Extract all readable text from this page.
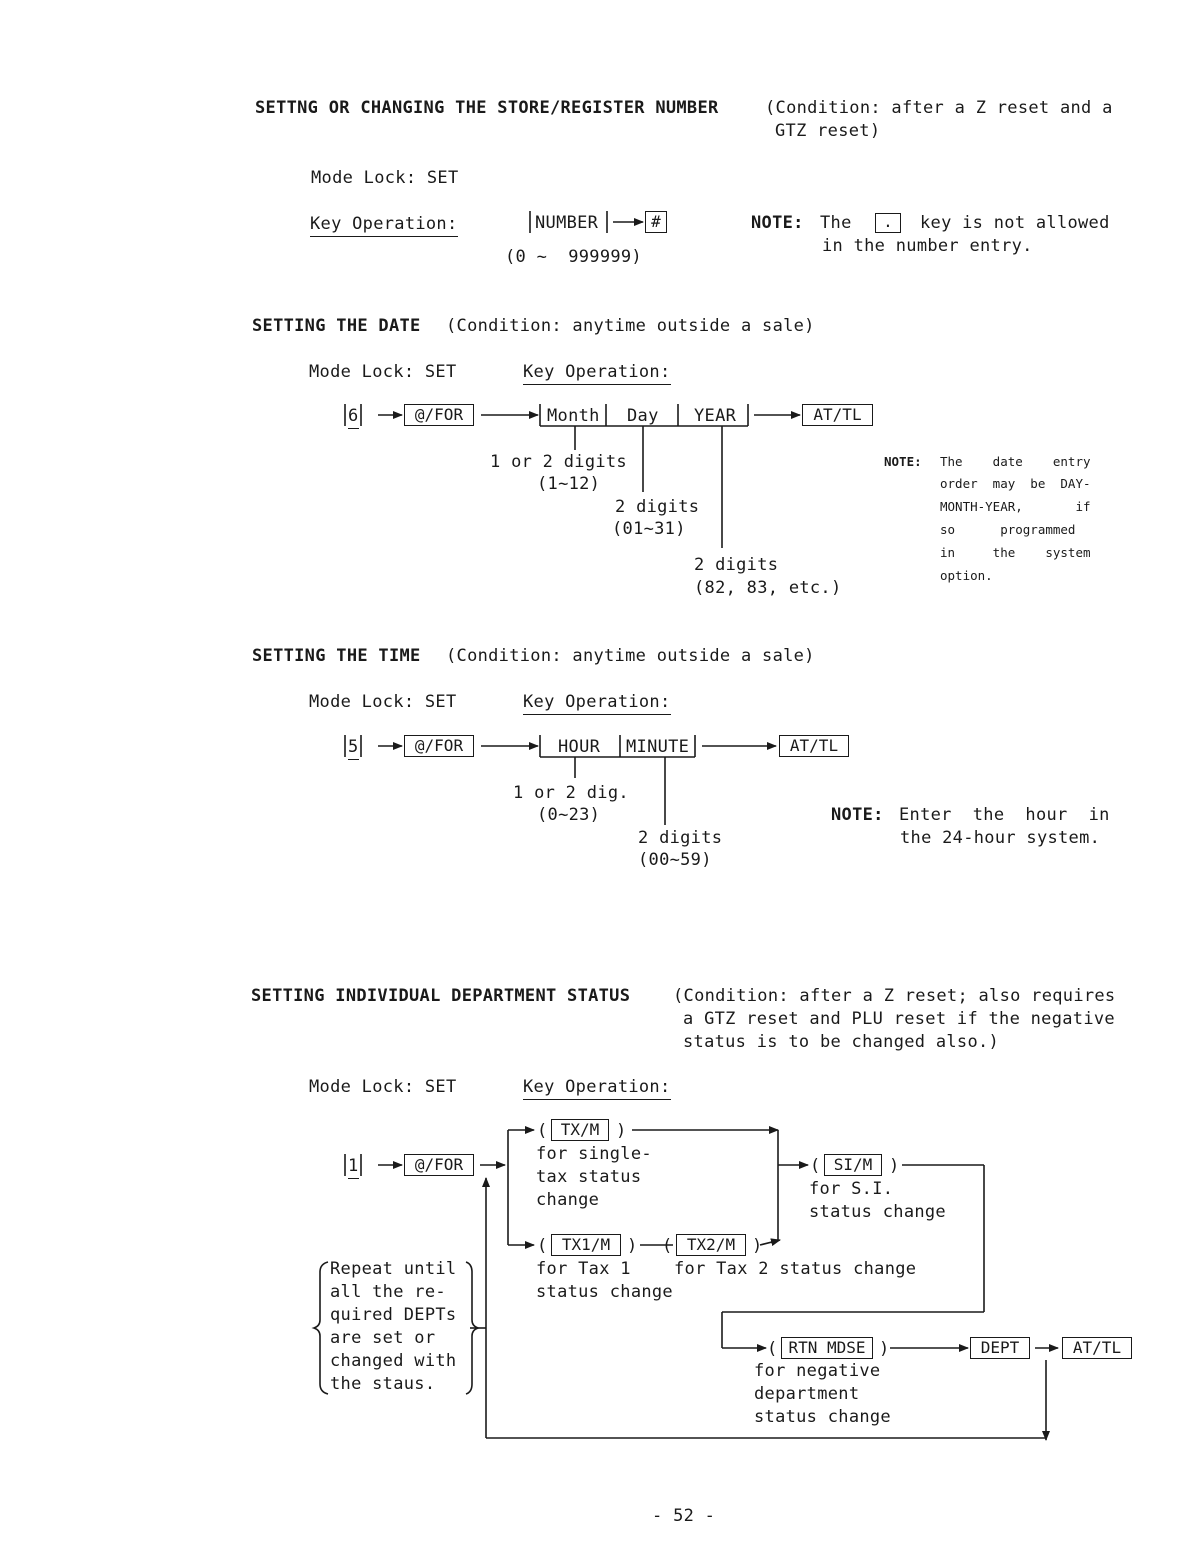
SETTNG OR CHANGING THE STORE/REGISTER NUMBER	(Condition: after a Z reset and a
GTZ reset)
Mode Lock: SET
Key Operation:	NUMBER	#
(0 ~  999999)
NOTE: The	.	key is not allowed
in the number entry.
SETTING THE DATE (Condition: anytime outside a sale)
Mode Lock: SET	Key Operation:
6	@/FOR	Month Day YEAR	AT/TL
1 or 2 digits
(1~12)
2 digits
(01~31)
2 digits
(82, 83, etc.)
NOTE: The    date    entry
order  may  be  DAY-
MONTH-YEAR,       if
so      programmed
in     the    system
option.
SETTING THE TIME (Condition: anytime outside a sale)
Mode Lock: SET	Key Operation:
5	@/FOR	HOUR MINUTE	AT/TL
1 or 2 dig.
(0~23)
2 digits
(00~59)
NOTE: Enter  the  hour  in
the 24-hour system.
SETTING INDIVIDUAL DEPARTMENT STATUS	(Condition: after a Z reset; also requires
a GTZ reset and PLU reset if the negative
status is to be changed also.)
Mode Lock: SET	Key Operation:
1	@/FOR
( TX/M )
for single-
tax status
change
( TX1/M ) ( TX2/M )
for Tax 1
status change
for Tax 2 status change
( SI/M )
for S.I.
status change
( RTN MDSE )
for negative
department
status change
DEPT	AT/TL
Repeat until
all the re-
quired DEPTs
are set or
changed with
the staus.
- 52 -
